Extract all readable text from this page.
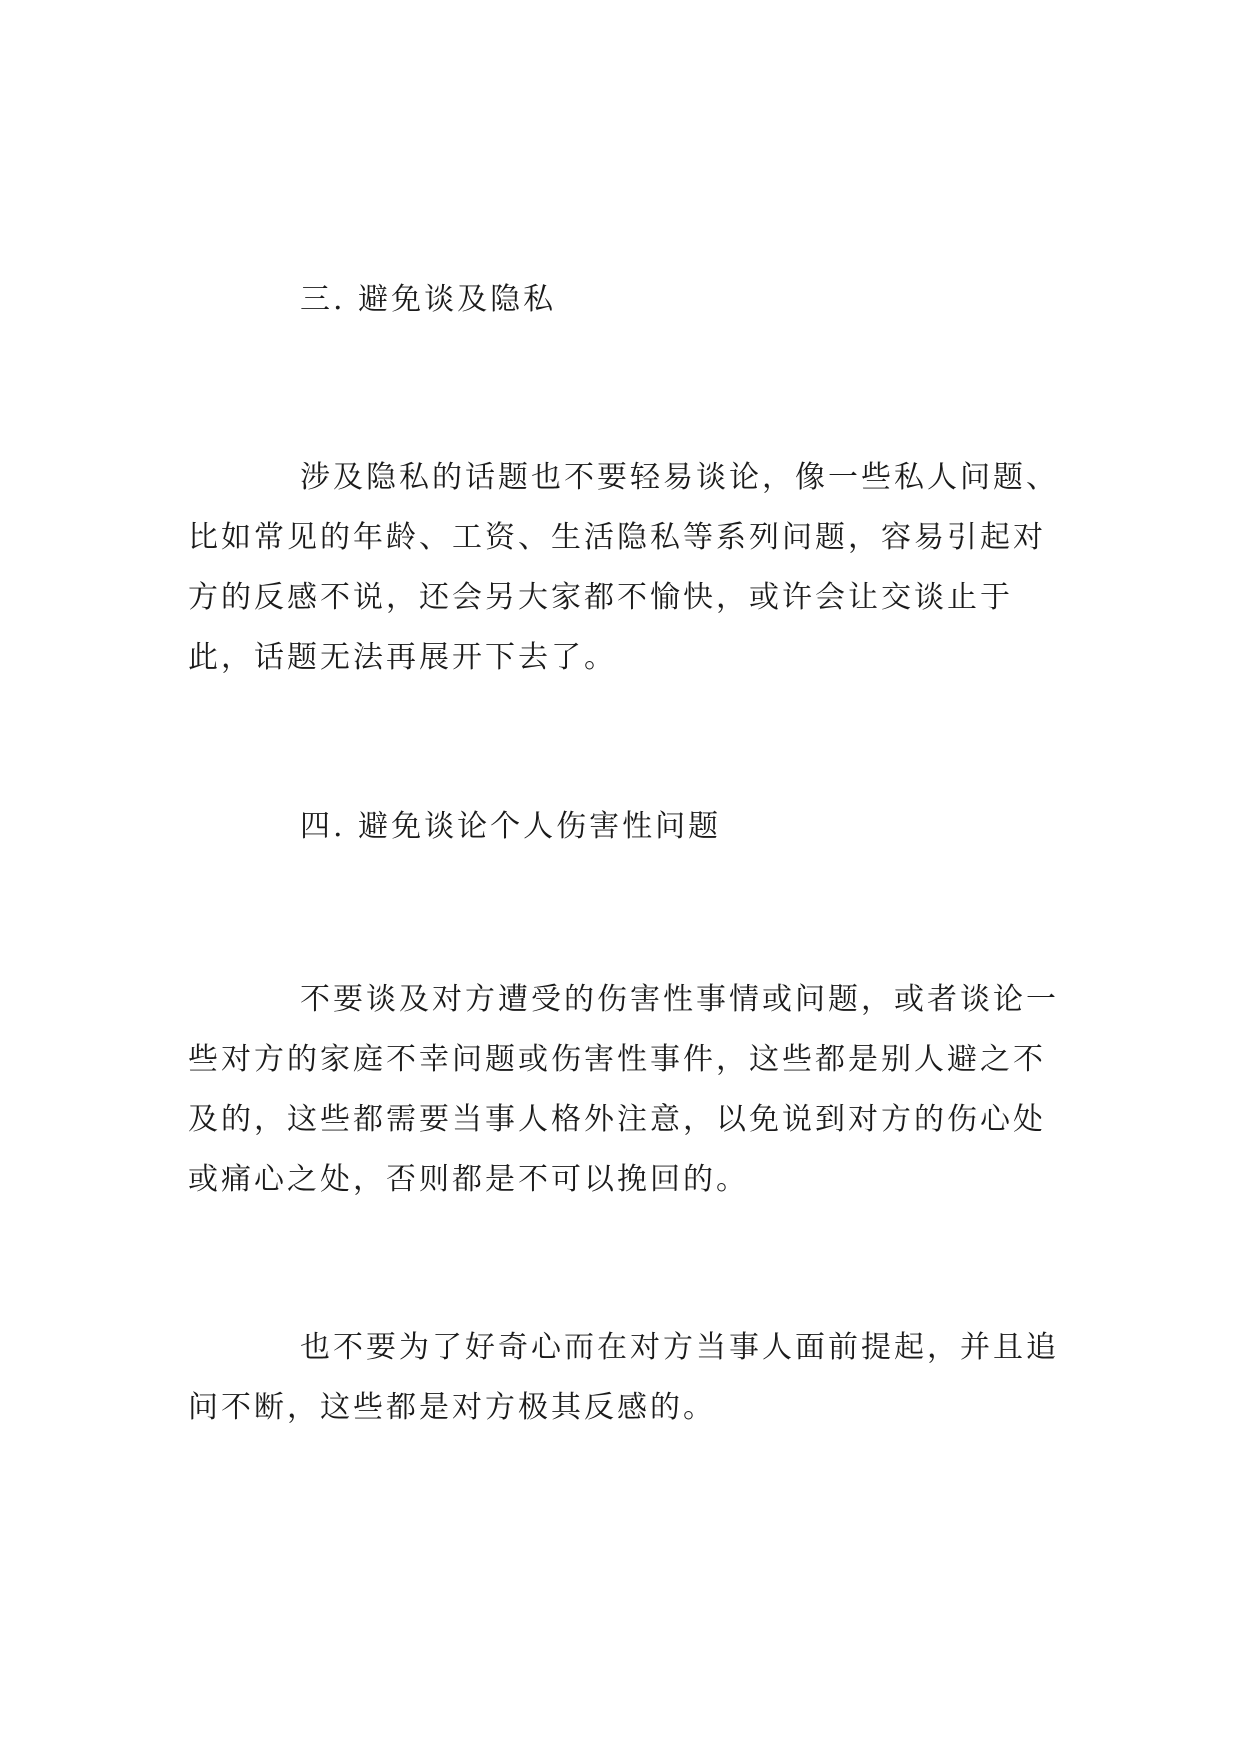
三. 避免谈及隐私

涉及隐私的话题也不要轻易谈论，像一些私人问题、比如常见的年龄、工资、生活隐私等系列问题，容易引起对方的反感不说，还会另大家都不愉快，或许会让交谈止于此，话题无法再展开下去了。

四. 避免谈论个人伤害性问题

不要谈及对方遭受的伤害性事情或问题，或者谈论一些对方的家庭不幸问题或伤害性事件，这些都是别人避之不及的，这些都需要当事人格外注意，以免说到对方的伤心处或痛心之处，否则都是不可以挽回的。

也不要为了好奇心而在对方当事人面前提起，并且追问不断，这些都是对方极其反感的。
